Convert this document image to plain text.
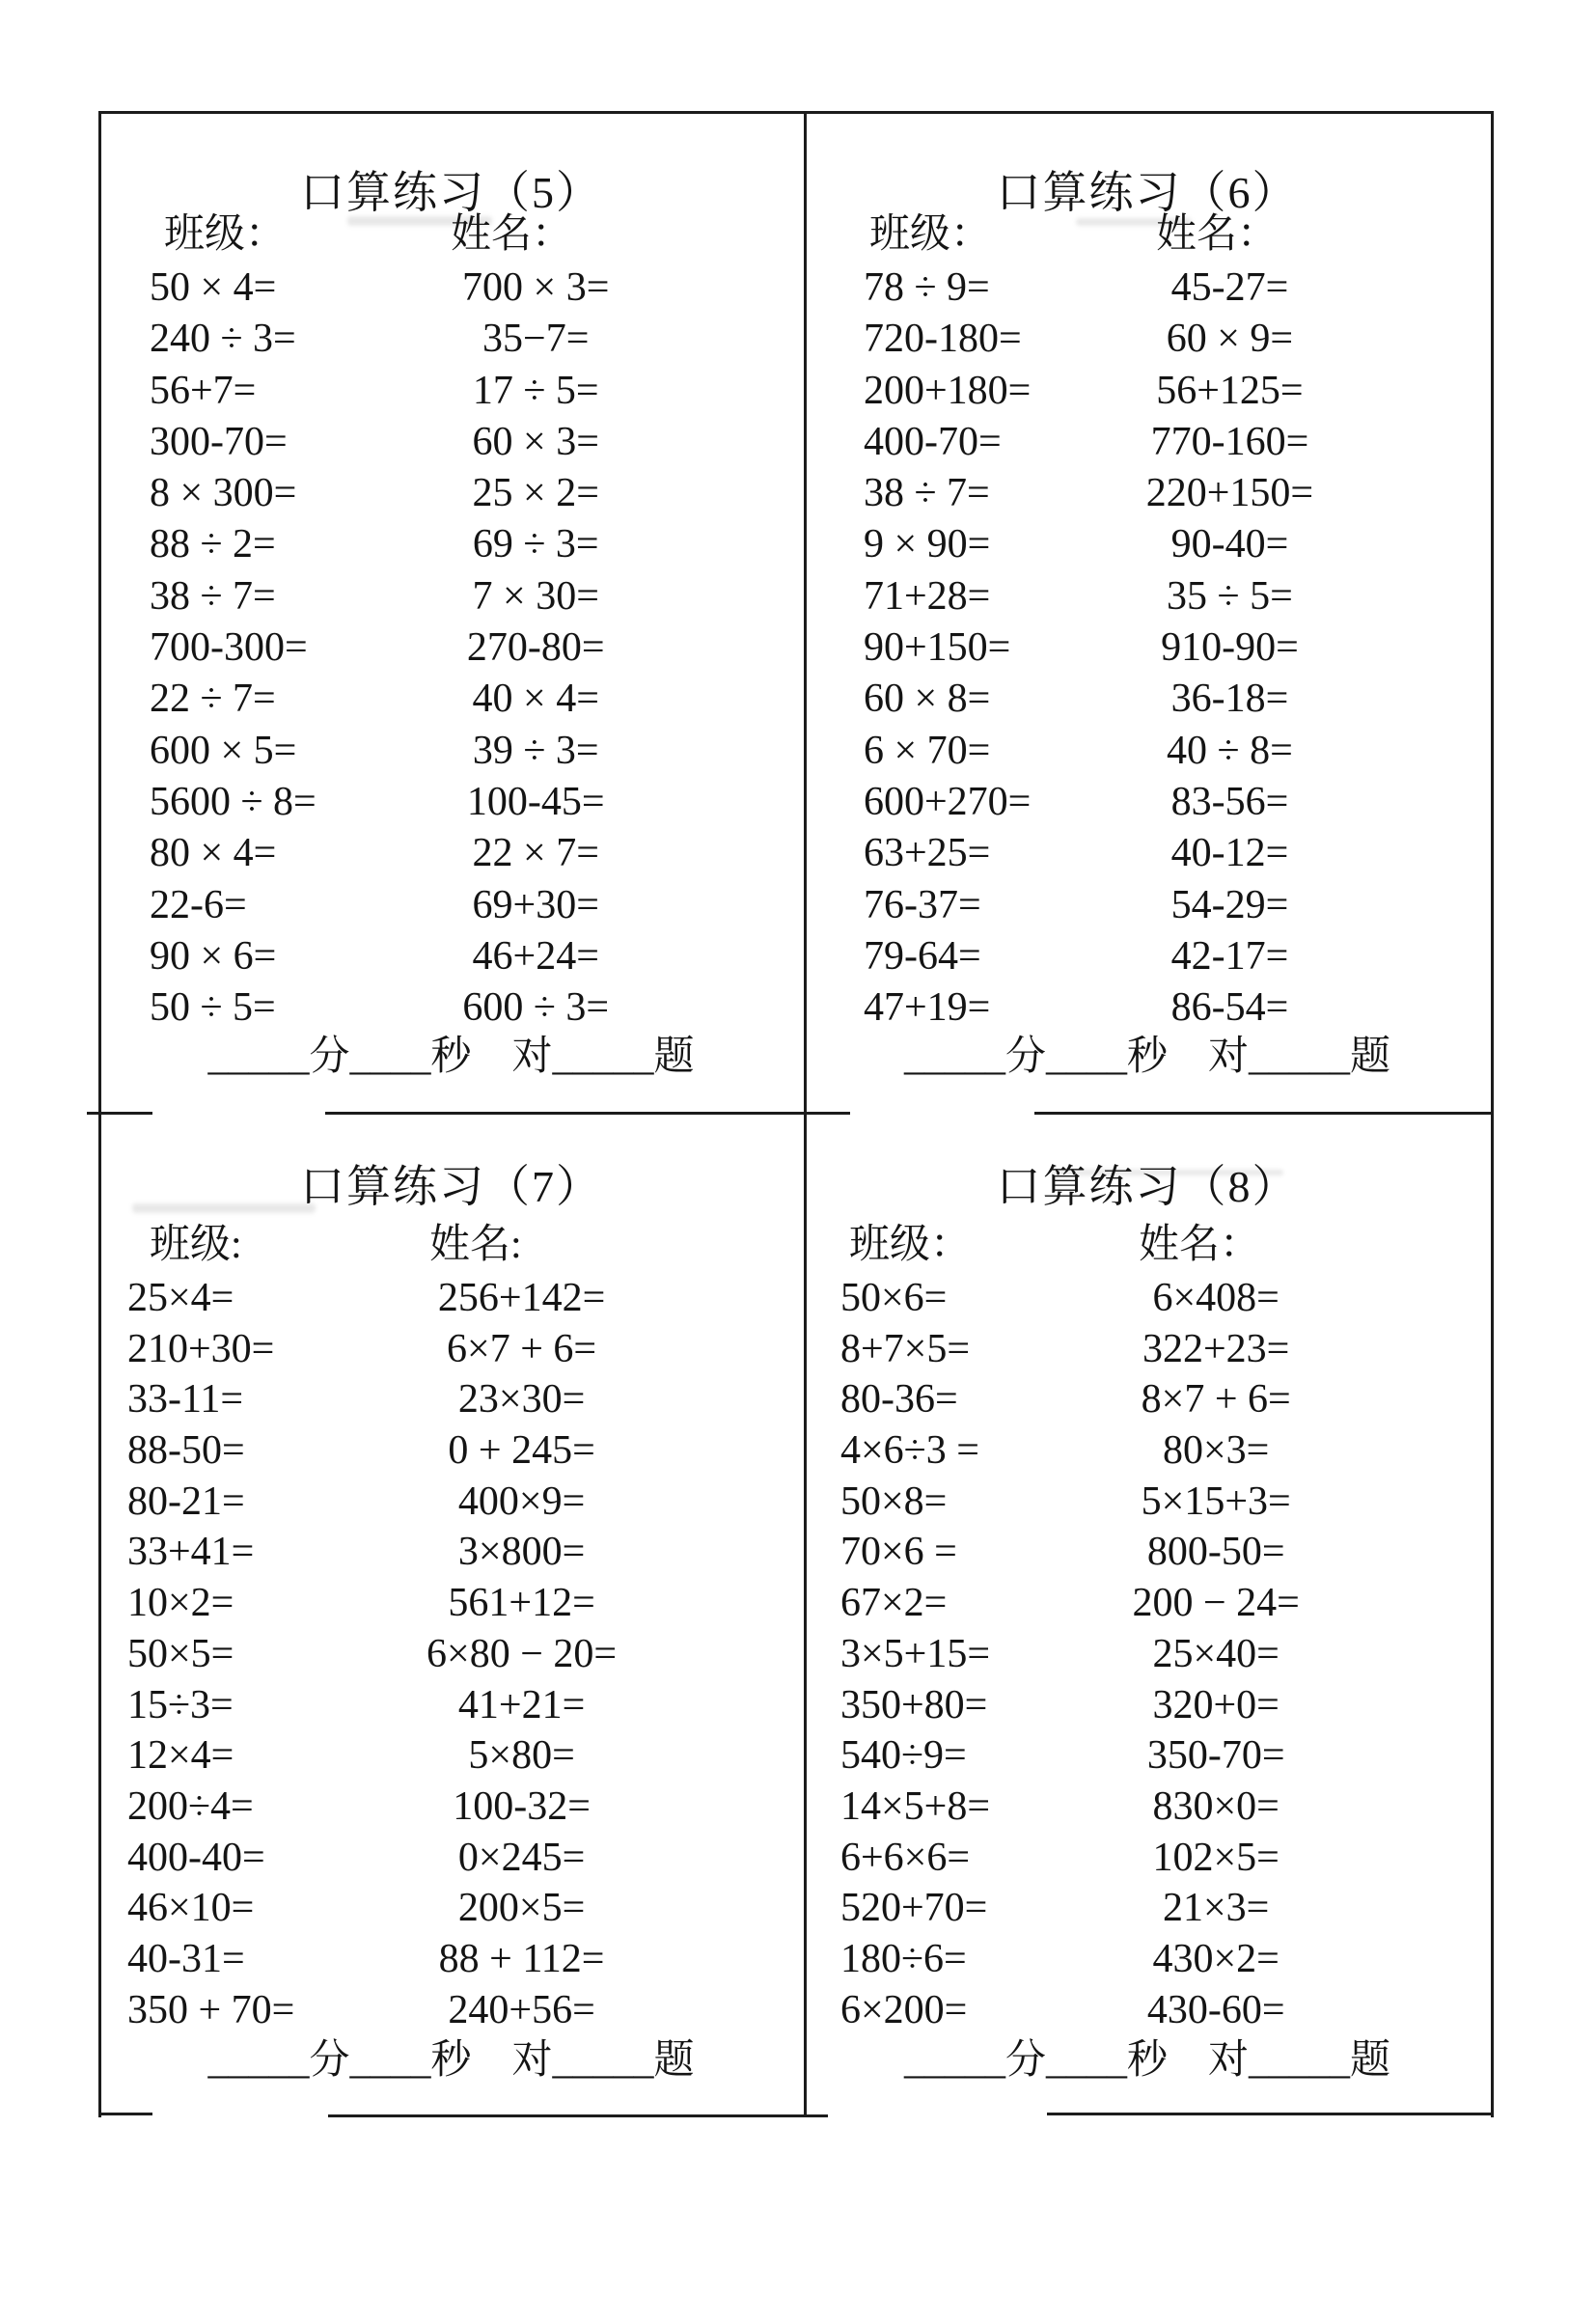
口算练习（5）
班级：	姓名：
50 × 4=	700 × 3=
240 ÷ 3=	35−7=
56+7=	17 ÷ 5=
300-70=	60 × 3=
8 × 300=	25 × 2=
88 ÷ 2=	69 ÷ 3=
38 ÷ 7=	7 × 30=
700-300=	270-80=
22 ÷ 7=	40 × 4=
600 × 5=	39 ÷ 3=
5600 ÷ 8=	100-45=
80 × 4=	22 × 7=
22-6=	69+30=
90 × 6=	46+24=
50 ÷ 5=	600 ÷ 3=
_____分____秒    对_____题
口算练习（6）
班级：	姓名：
78 ÷ 9=	45-27=
720-180=	60 × 9=
200+180=	56+125=
400-70=	770-160=
38 ÷ 7=	220+150=
9 × 90=	90-40=
71+28=	35 ÷ 5=
90+150=	910-90=
60 × 8=	36-18=
6 × 70=	40 ÷ 8=
600+270=	83-56=
63+25=	40-12=
76-37=	54-29=
79-64=	42-17=
47+19=	86-54=
_____分____秒    对_____题
口算练习（7）
班级:	姓名:
25×4=	256+142=
210+30=	6×7 + 6=
33-11=	23×30=
88-50=	0 + 245=
80-21=	400×9=
33+41=	3×800=
10×2=	561+12=
50×5=	6×80 − 20=
15÷3=	41+21=
12×4=	5×80=
200÷4=	100-32=
400-40=	0×245=
46×10=	200×5=
40-31=	88 + 112=
350 + 70=	240+56=
_____分____秒    对_____题
口算练习（8）
班级：	姓名：
50×6=	6×408=
8+7×5=	322+23=
80-36=	8×7 + 6=
4×6÷3 =	80×3=
50×8=	5×15+3=
70×6 =	800-50=
67×2=	200 − 24=
3×5+15=	25×40=
350+80=	320+0=
540÷9=	350-70=
14×5+8=	830×0=
6+6×6=	102×5=
520+70=	21×3=
180÷6=	430×2=
6×200=	430-60=
_____分____秒    对_____题
